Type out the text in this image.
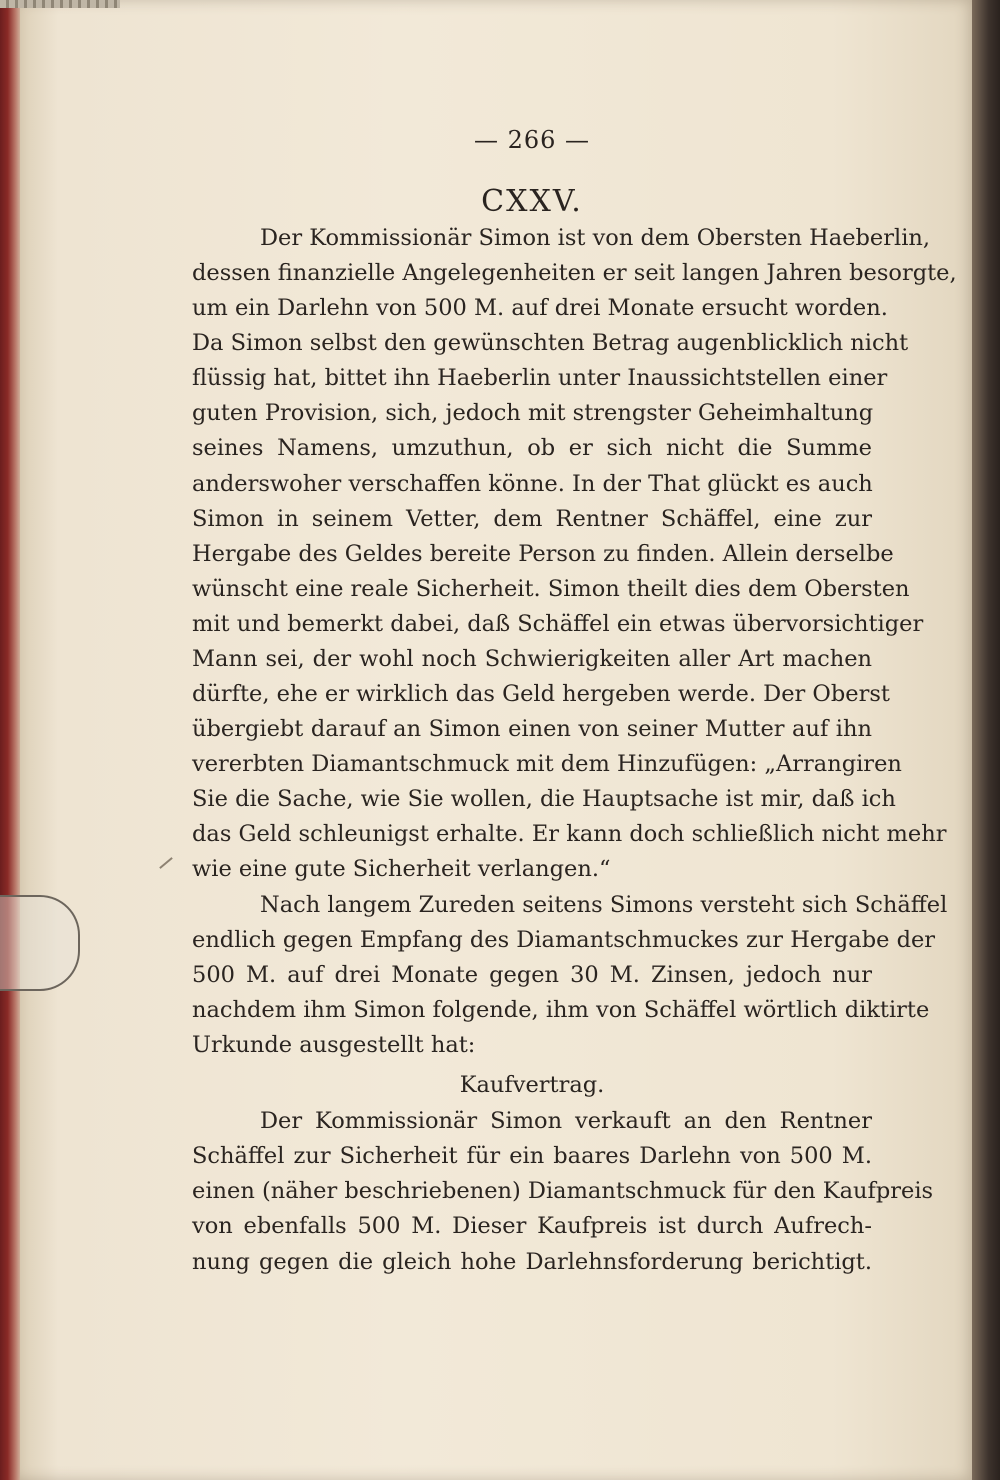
— 266 —
CXXV.
Der Kommissionär Simon ist von dem Obersten Haeberlin,
dessen finanzielle Angelegenheiten er seit langen Jahren besorgte,
um ein Darlehn von 500 M. auf drei Monate ersucht worden.
Da Simon selbst den gewünschten Betrag augenblicklich nicht
flüssig hat, bittet ihn Haeberlin unter Inaussichtstellen einer
guten Provision, sich, jedoch mit strengster Geheimhaltung
seines Namens, umzuthun, ob er sich nicht die Summe
anderswoher verschaffen könne. In der That glückt es auch
Simon in seinem Vetter, dem Rentner Schäffel, eine zur
Hergabe des Geldes bereite Person zu finden. Allein derselbe
wünscht eine reale Sicherheit. Simon theilt dies dem Obersten
mit und bemerkt dabei, daß Schäffel ein etwas übervorsichtiger
Mann sei, der wohl noch Schwierigkeiten aller Art machen
dürfte, ehe er wirklich das Geld hergeben werde. Der Oberst
übergiebt darauf an Simon einen von seiner Mutter auf ihn
vererbten Diamantschmuck mit dem Hinzufügen: „Arrangiren
Sie die Sache, wie Sie wollen, die Hauptsache ist mir, daß ich
das Geld schleunigst erhalte. Er kann doch schließlich nicht mehr
wie eine gute Sicherheit verlangen.“
Nach langem Zureden seitens Simons versteht sich Schäffel
endlich gegen Empfang des Diamantschmuckes zur Hergabe der
500 M. auf drei Monate gegen 30 M. Zinsen, jedoch nur
nachdem ihm Simon folgende, ihm von Schäffel wörtlich diktirte
Urkunde ausgestellt hat:
Kaufvertrag.
Der Kommissionär Simon verkauft an den Rentner
Schäffel zur Sicherheit für ein baares Darlehn von 500 M.
einen (näher beschriebenen) Diamantschmuck für den Kaufpreis
von ebenfalls 500 M. Dieser Kaufpreis ist durch Aufrech-
nung gegen die gleich hohe Darlehnsforderung berichtigt.
